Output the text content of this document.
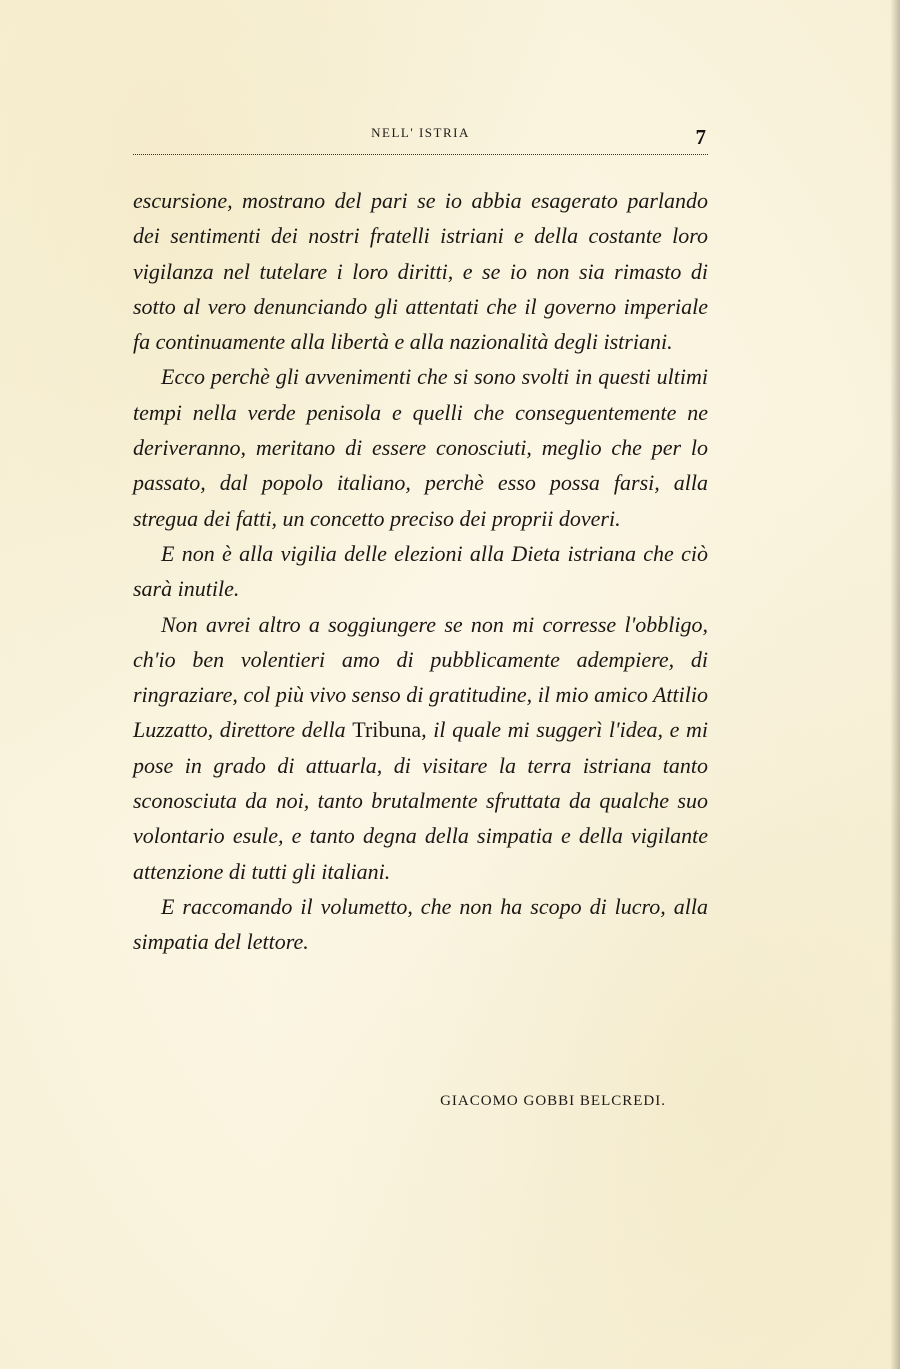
NELL' ISTRIA	7

escursione, mostrano del pari se io abbia esagerato parlando dei sentimenti dei nostri fratelli istriani e della costante loro vigilanza nel tutelare i loro diritti, e se io non sia rimasto di sotto al vero denunciando gli attentati che il governo imperiale fa continuamente alla libertà e alla nazionalità degli istriani.

Ecco perchè gli avvenimenti che si sono svolti in questi ultimi tempi nella verde penisola e quelli che conseguentemente ne deriveranno, meritano di essere conosciuti, meglio che per lo passato, dal popolo italiano, perchè esso possa farsi, alla stregua dei fatti, un concetto preciso dei proprii doveri.

E non è alla vigilia delle elezioni alla Dieta istriana che ciò sarà inutile.

Non avrei altro a soggiungere se non mi corresse l'obbligo, ch'io ben volentieri amo di pubblicamente adempiere, di ringraziare, col più vivo senso di gratitudine, il mio amico Attilio Luzzatto, direttore della Tribuna, il quale mi suggerì l'idea, e mi pose in grado di attuarla, di visitare la terra istriana tanto sconosciuta da noi, tanto brutalmente sfruttata da qualche suo volontario esule, e tanto degna della simpatia e della vigilante attenzione di tutti gli italiani.

E raccomando il volumetto, che non ha scopo di lucro, alla simpatia del lettore.

GIACOMO GOBBI BELCREDI.
